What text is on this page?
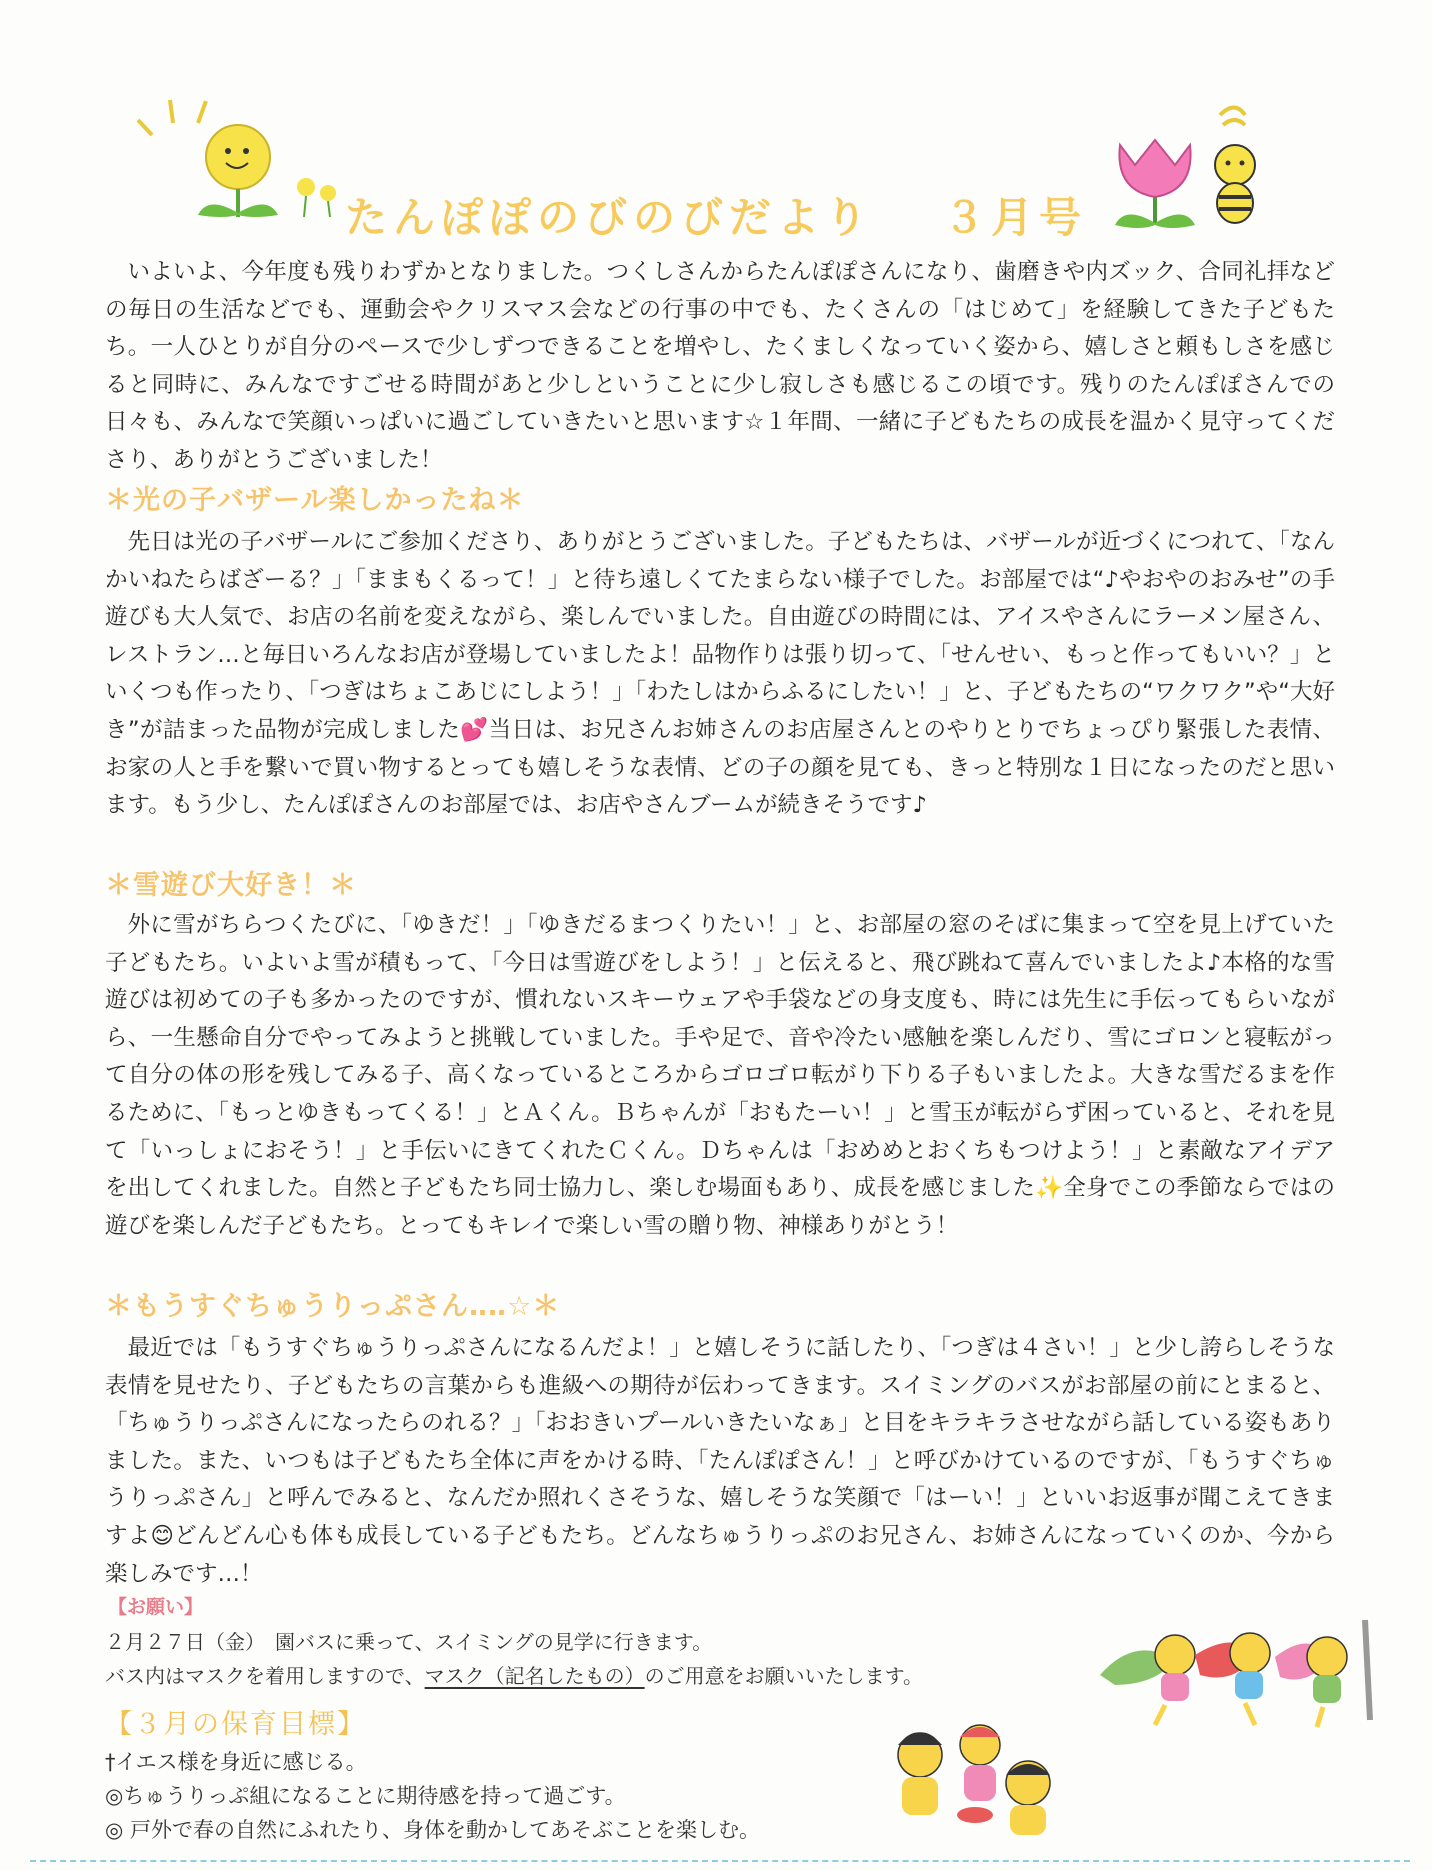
たんぽぽのびのびだより ３月号

いよいよ、今年度も残りわずかとなりました。つくしさんからたんぽぽさんになり、歯磨きや内ズック、合同礼拝などの毎日の生活などでも、運動会やクリスマス会などの行事の中でも、たくさんの「はじめて」を経験してきた子どもたち。一人ひとりが自分のペースで少しずつできることを増やし、たくましくなっていく姿から、嬉しさと頼もしさを感じると同時に、みんなですごせる時間があと少しということに少し寂しさも感じるこの頃です。残りのたんぽぽさんでの日々も、みんなで笑顔いっぱいに過ごしていきたいと思います☆１年間、一緒に子どもたちの成長を温かく見守ってくださり、ありがとうございました！

＊光の子バザール楽しかったね＊

先日は光の子バザールにご参加くださり、ありがとうございました。子どもたちは、バザールが近づくにつれて、「なんかいねたらばざーる？」「ままもくるって！」と待ち遠しくてたまらない様子でした。お部屋では“♪やおやのおみせ”の手遊びも大人気で、お店の名前を変えながら、楽しんでいました。自由遊びの時間には、アイスやさんにラーメン屋さん、レストラン…と毎日いろんなお店が登場していましたよ！品物作りは張り切って、「せんせい、もっと作ってもいい？」といくつも作ったり、「つぎはちょこあじにしよう！」「わたしはからふるにしたい！」と、子どもたちの“ワクワク”や“大好き”が詰まった品物が完成しました💕当日は、お兄さんお姉さんのお店屋さんとのやりとりでちょっぴり緊張した表情、お家の人と手を繋いで買い物するとっても嬉しそうな表情、どの子の顔を見ても、きっと特別な１日になったのだと思います。もう少し、たんぽぽさんのお部屋では、お店やさんブームが続きそうです♪

＊雪遊び大好き！＊

外に雪がちらつくたびに、「ゆきだ！」「ゆきだるまつくりたい！」と、お部屋の窓のそばに集まって空を見上げていた子どもたち。いよいよ雪が積もって、「今日は雪遊びをしよう！」と伝えると、飛び跳ねて喜んでいましたよ♪本格的な雪遊びは初めての子も多かったのですが、慣れないスキーウェアや手袋などの身支度も、時には先生に手伝ってもらいながら、一生懸命自分でやってみようと挑戦していました。手や足で、音や冷たい感触を楽しんだり、雪にゴロンと寝転がって自分の体の形を残してみる子、高くなっているところからゴロゴロ転がり下りる子もいましたよ。大きな雪だるまを作るために、「もっとゆきもってくる！」とＡくん。Ｂちゃんが「おもたーい！」と雪玉が転がらず困っていると、それを見て「いっしょにおそう！」と手伝いにきてくれたＣくん。Ｄちゃんは「おめめとおくちもつけよう！」と素敵なアイデアを出してくれました。自然と子どもたち同士協力し、楽しむ場面もあり、成長を感じました✨全身でこの季節ならではの遊びを楽しんだ子どもたち。とってもキレイで楽しい雪の贈り物、神様ありがとう！

＊もうすぐちゅうりっぷさん‥‥☆＊

最近では「もうすぐちゅうりっぷさんになるんだよ！」と嬉しそうに話したり、「つぎは４さい！」と少し誇らしそうな表情を見せたり、子どもたちの言葉からも進級への期待が伝わってきます。スイミングのバスがお部屋の前にとまると、「ちゅうりっぷさんになったらのれる？」「おおきいプールいきたいなぁ」と目をキラキラさせながら話している姿もありました。また、いつもは子どもたち全体に声をかける時、「たんぽぽさん！」と呼びかけているのですが、「もうすぐちゅうりっぷさん」と呼んでみると、なんだか照れくさそうな、嬉しそうな笑顔で「はーい！」といいお返事が聞こえてきますよ😊どんどん心も体も成長している子どもたち。どんなちゅうりっぷのお兄さん、お姉さんになっていくのか、今から楽しみです…！

【お願い】
２月２７日（金）　園バスに乗って、スイミングの見学に行きます。
バス内はマスクを着用しますので、マスク（記名したもの）のご用意をお願いいたします。
【３月の保育目標】
†イエス様を身近に感じる。
◎ちゅうりっぷ組になることに期待感を持って過ごす。
◎ 戸外で春の自然にふれたり、身体を動かしてあそぶことを楽しむ。
